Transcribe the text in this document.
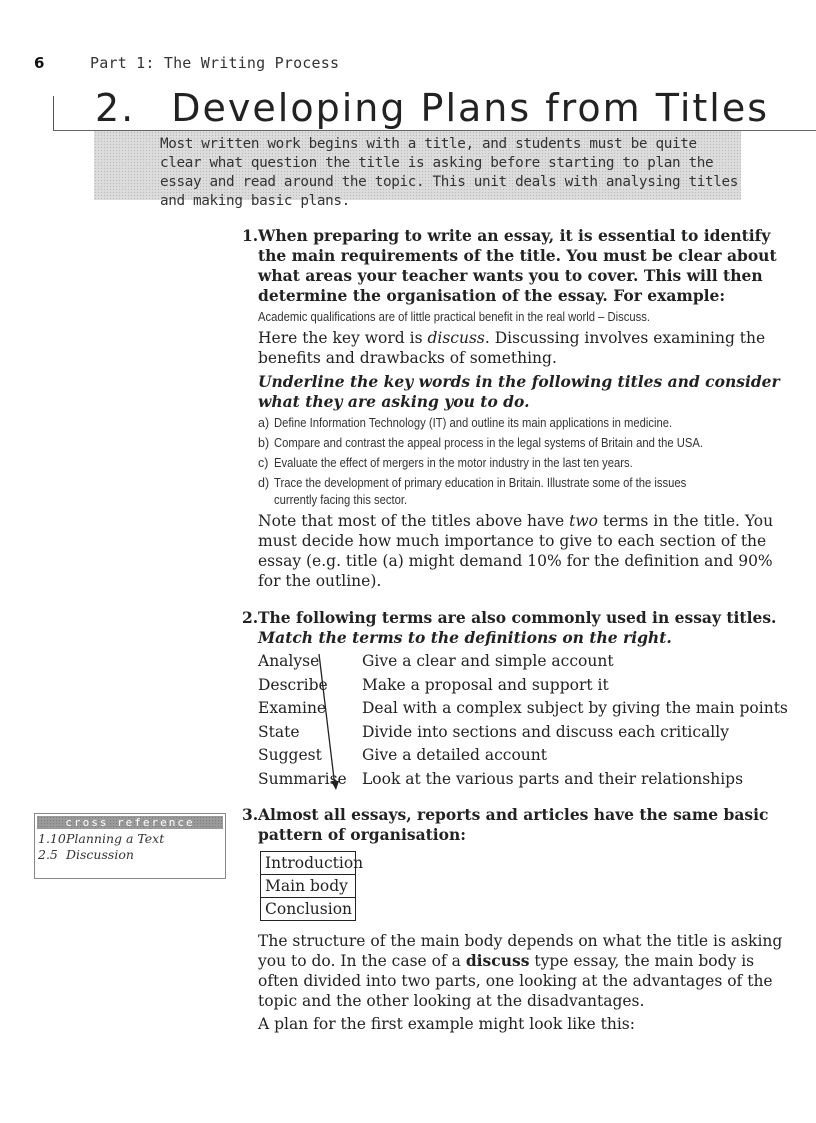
6	Part 1: The Writing Process
2. Developing Plans from Titles

Most written work begins with a title, and students must be quite clear what question the title is asking before starting to plan the essay and read around the topic. This unit deals with analysing titles and making basic plans.

1. When preparing to write an essay, it is essential to identify the main requirements of the title. You must be clear about what areas your teacher wants you to cover. This will then determine the organisation of the essay. For example:

Academic qualifications are of little practical benefit in the real world – Discuss.

Here the key word is discuss. Discussing involves examining the benefits and drawbacks of something.

Underline the key words in the following titles and consider what they are asking you to do.

a) Define Information Technology (IT) and outline its main applications in medicine.
b) Compare and contrast the appeal process in the legal systems of Britain and the USA.
c) Evaluate the effect of mergers in the motor industry in the last ten years.
d) Trace the development of primary education in Britain. Illustrate some of the issues currently facing this sector.

Note that most of the titles above have two terms in the title. You must decide how much importance to give to each section of the essay (e.g. title (a) might demand 10% for the definition and 90% for the outline).

2. The following terms are also commonly used in essay titles.

Match the terms to the definitions on the right.

Analyse	Give a clear and simple account
Describe Make a proposal and support it
Examine Deal with a complex subject by giving the main points
State	Divide into sections and discuss each critically
Suggest	Give a detailed account
Summarise Look at the various parts and their relationships
3. Almost all essays, reports and articles have the same basic pattern of organisation:

Introduction
Main body
Conclusion

The structure of the main body depends on what the title is asking you to do. In the case of a discuss type essay, the main body is often divided into two parts, one looking at the advantages of the topic and the other looking at the disadvantages.

A plan for the first example might look like this:

cross reference
1.10Planning a Text
2.5 Discussion
